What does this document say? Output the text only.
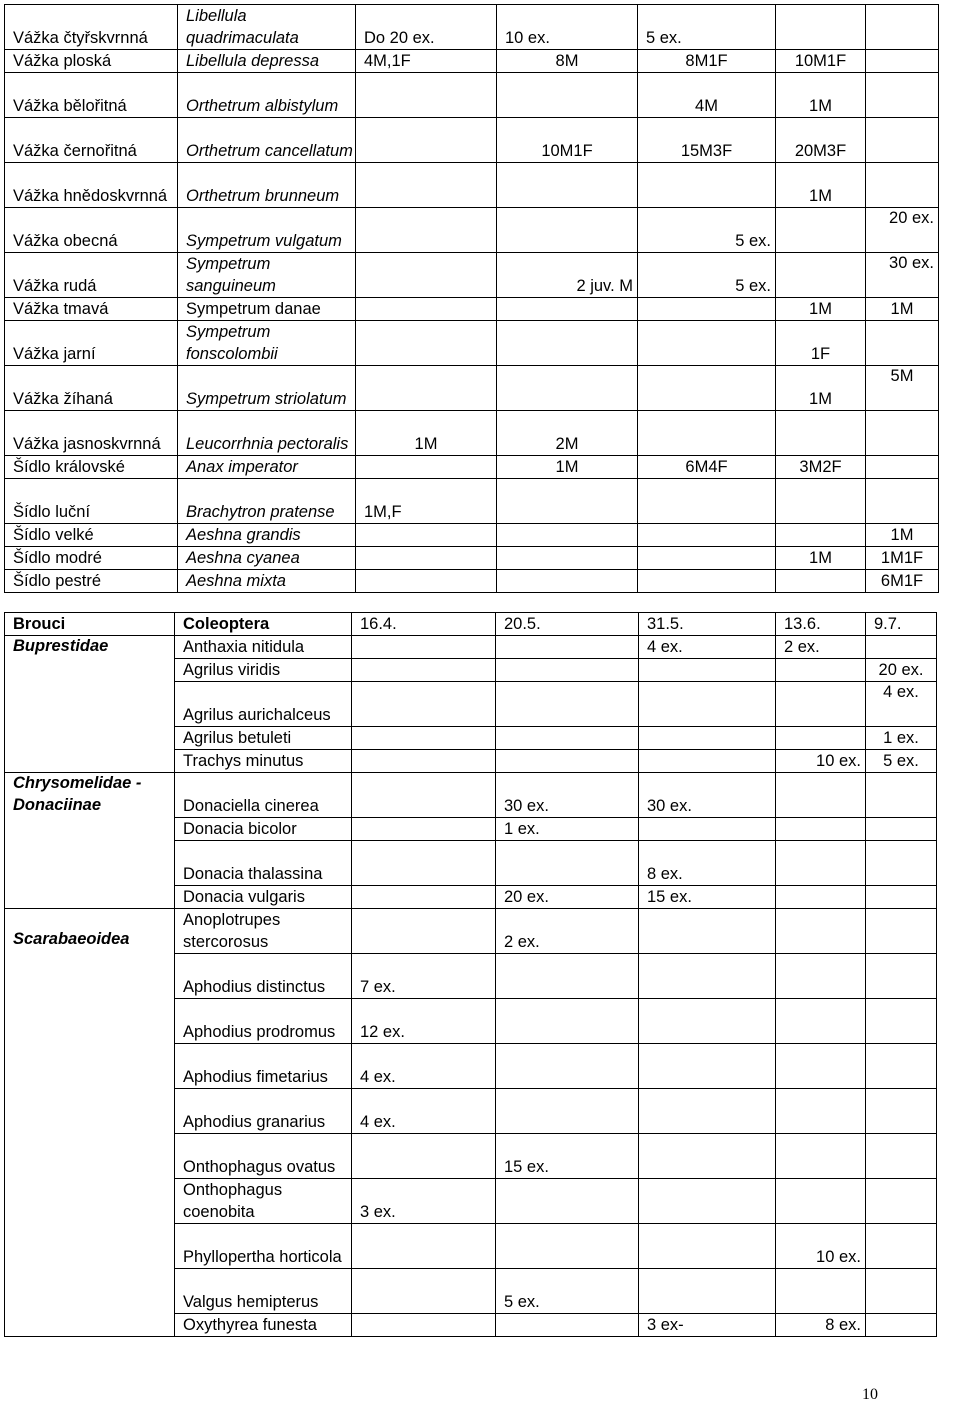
Vážka čtyřskvrnná	Libellula quadrimaculata	Do 20 ex.	10 ex.	5 ex.		
Vážka ploská	Libellula depressa	4M,1F	8M	8M1F	10M1F	
Vážka bělořitná	Orthetrum albistylum			4M	1M	
Vážka černořitná	Orthetrum cancellatum		10M1F	15M3F	20M3F	
Vážka hnědoskvrnná	Orthetrum brunneum				1M	
Vážka obecná	Sympetrum vulgatum			5 ex.		20 ex.
Vážka rudá	Sympetrum sanguineum		2 juv. M	5 ex.		30 ex.
Vážka tmavá	Sympetrum danae				1M	1M
Vážka jarní	Sympetrum fonscolombii				1F	
Vážka žíhaná	Sympetrum striolatum				1M	5M
Vážka jasnoskvrnná	Leucorrhnia pectoralis	1M	2M			
Šídlo královské	Anax imperator		1M	6M4F	3M2F	
Šídlo luční	Brachytron pratense	1M,F				
Šídlo velké	Aeshna grandis					1M
Šídlo modré	Aeshna cyanea				1M	1M1F
Šídlo pestré	Aeshna mixta					6M1F
Brouci	Coleoptera	16.4.	20.5.	31.5.	13.6.	9.7.
Buprestidae	Anthaxia nitidula			4 ex.	2 ex.	
	Agrilus viridis					20 ex.
	Agrilus aurichalceus					4 ex.
	Agrilus betuleti					1 ex.
	Trachys minutus				10 ex.	5 ex.
Chrysomelidae - Donaciinae	Donaciella cinerea		30 ex.	30 ex.		
	Donacia bicolor		1 ex.			
	Donacia thalassina			8 ex.		
	Donacia vulgaris		20 ex.	15 ex.		
Scarabaeoidea	Anoplotrupes stercorosus		2 ex.			
	Aphodius distinctus	7 ex.				
	Aphodius prodromus	12 ex.				
	Aphodius fimetarius	4 ex.				
	Aphodius granarius	4 ex.				
	Onthophagus ovatus		15 ex.			
	Onthophagus coenobita	3 ex.				
	Phyllopertha horticola				10 ex.	
	Valgus hemipterus		5 ex.			
	Oxythyrea funesta			3 ex-	8 ex.	
10
